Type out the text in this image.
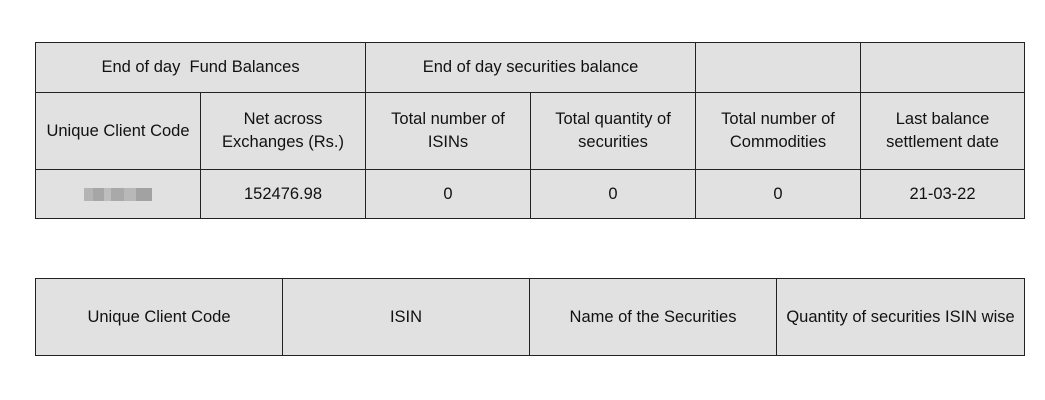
End of day  Fund Balances		End of day securities balance			
Unique Client Code	Net across Exchanges (Rs.)	Total number of ISINs	Total quantity of securities	Total number of Commodities	Last balance settlement date
	152476.98	0	0	0	21-03-22
Unique Client Code	ISIN	Name of the Securities	Quantity of securities ISIN wise
